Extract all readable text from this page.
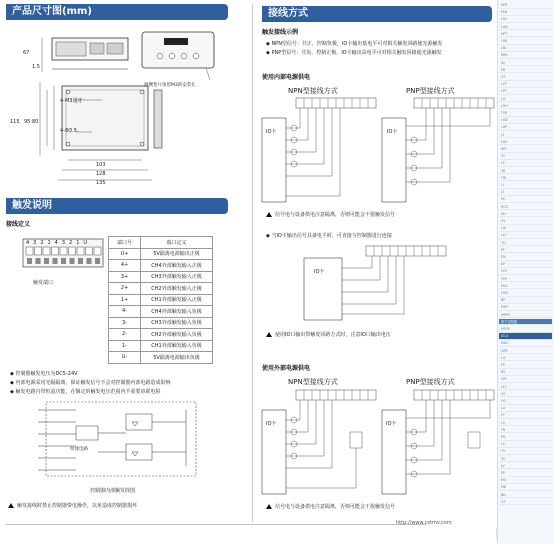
产品尺寸图(mm)
67
1.5
115 95 80
4-M3通牙
4-Φ3.5
103
128
135
两侧垫片预留M3的安装孔
触发说明
接线定义
4 3 2 1 4 3 2 1 U
触发端口
端口号	端口定义
U+	5V隔离电源输出正极
4+	CH4外部触发输入正极
3+	CH3外部触发输入正极
2+	CH2外部触发输入正极
1+	CH1外部触发输入正极
4-	CH4外部触发输入负极
3-	CH3外部触发输入负极
2-	CH2外部触发输入负极
1-	CH1外部触发输入负极
U-	5V隔离电源输出负极
◆ 控制器触发电压为DC5-24V
◆ 内部电源采用光隔隔离，保证触发信号不会对控制器内部电路造成影响
◆ 触发电路自带恒流功能，在额定的触发电压范围内不需要串联电阻
恒流电路
控制器内部触发简图
触发接线时禁止控制器带电操作，以免造成控制器损坏
接线方式
触发接线示例
◆ NPN型信号：共正，控制负极，IO卡输出低电平可对相关触发回路使光源触发
◆ PNP型信号：共负，控制正极，IO卡输出高电平可对相关触发回路使光源触发
使用内部电源供电
NPN型接线方式	PNP型接线方式
IO卡	IO卡
信号电与设备供电注意隔离，否则可能会干扰触发信号
◆ 当IO卡输出信号具备电平时，可直接与控制器进行连接
IO卡
使用IO口输出带触发回路方式时，注意IO口输出电压
使用外部电源供电
NPN型接线方式	PNP型接线方式
IO卡	IO卡
信号电与设备供电注意隔离，否则可能会干扰触发信号
http://www.cstmv.com
HPS
FAN
LSS
LAN
HPT
LRB
LBL
BRA
DL
EB
GT
LCP
LPT
LH
LDH
TYR
ODS
LGP
LF
LHA
WP
ST
LP
SB
TW
LI
LT
HC
HCS
HH
HV
LAI
LLC
TLL
PF
EM
DF
LPS
TPS
MLS
FWS
BP
MEP
MRPS
数字控制器
MSPS
ST-4
RAD
GPS
LI2
PS
BS
CPL
LF2
OC
OG
LA
FY
LS
FN
PD
LX
TV
SS
LV
PP
MO
MB
BD
OT
